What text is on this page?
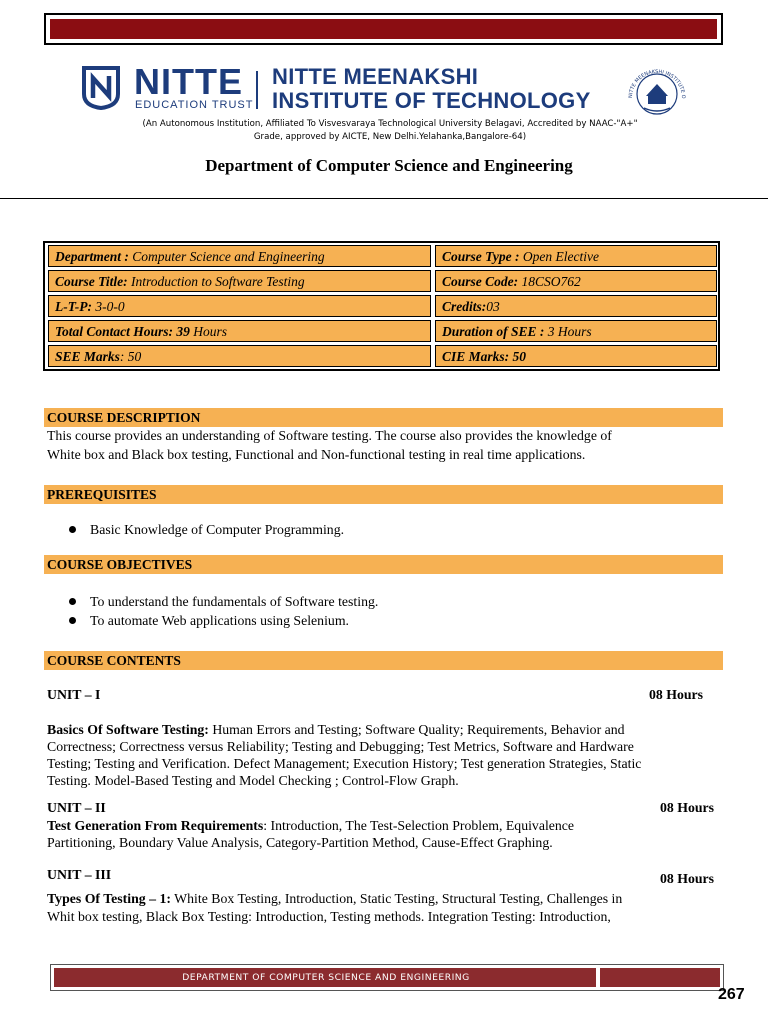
NITTE
EDUCATION TRUST
NITTE MEENAKSHI
INSTITUTE OF TECHNOLOGY	NITTE MEENAKSHI INSTITUTE O
(An Autonomous Institution, Affiliated To Visvesvaraya Technological University Belagavi, Accredited by NAAC-"A+"
Grade, approved by AICTE, New Delhi.Yelahanka,Bangalore-64)
Department of Computer Science and Engineering
Department : Computer Science and Engineering	Course Type : Open Elective
Course Title: Introduction to Software Testing	Course Code: 18CSO762
L-T-P: 3-0-0	Credits:03
Total Contact Hours: 39 Hours	Duration of SEE : 3 Hours
SEE Marks: 50	CIE Marks: 50
COURSE DESCRIPTION
This course provides an understanding of Software testing. The course also provides the knowledge of
White box and Black box testing, Functional and Non-functional testing in real time applications.
PREREQUISITES
Basic Knowledge of Computer Programming.
COURSE OBJECTIVES
To understand the fundamentals of Software testing.
To automate Web applications using Selenium.
COURSE CONTENTS
UNIT – I	08 Hours
Basics Of Software Testing: Human Errors and Testing; Software Quality; Requirements, Behavior and
Correctness; Correctness versus Reliability; Testing and Debugging; Test Metrics, Software and Hardware
Testing; Testing and Verification. Defect Management; Execution History; Test generation Strategies, Static
Testing. Model-Based Testing and Model Checking ; Control-Flow Graph.
UNIT – II	08 Hours
Test Generation From Requirements: Introduction, The Test-Selection Problem, Equivalence
Partitioning, Boundary Value Analysis, Category-Partition Method, Cause-Effect Graphing.
UNIT – III	08 Hours
Types Of Testing – 1: White Box Testing, Introduction, Static Testing, Structural Testing, Challenges in
Whit box testing, Black Box Testing: Introduction, Testing methods. Integration Testing: Introduction,
DEPARTMENT OF COMPUTER SCIENCE AND ENGINEERING
267
